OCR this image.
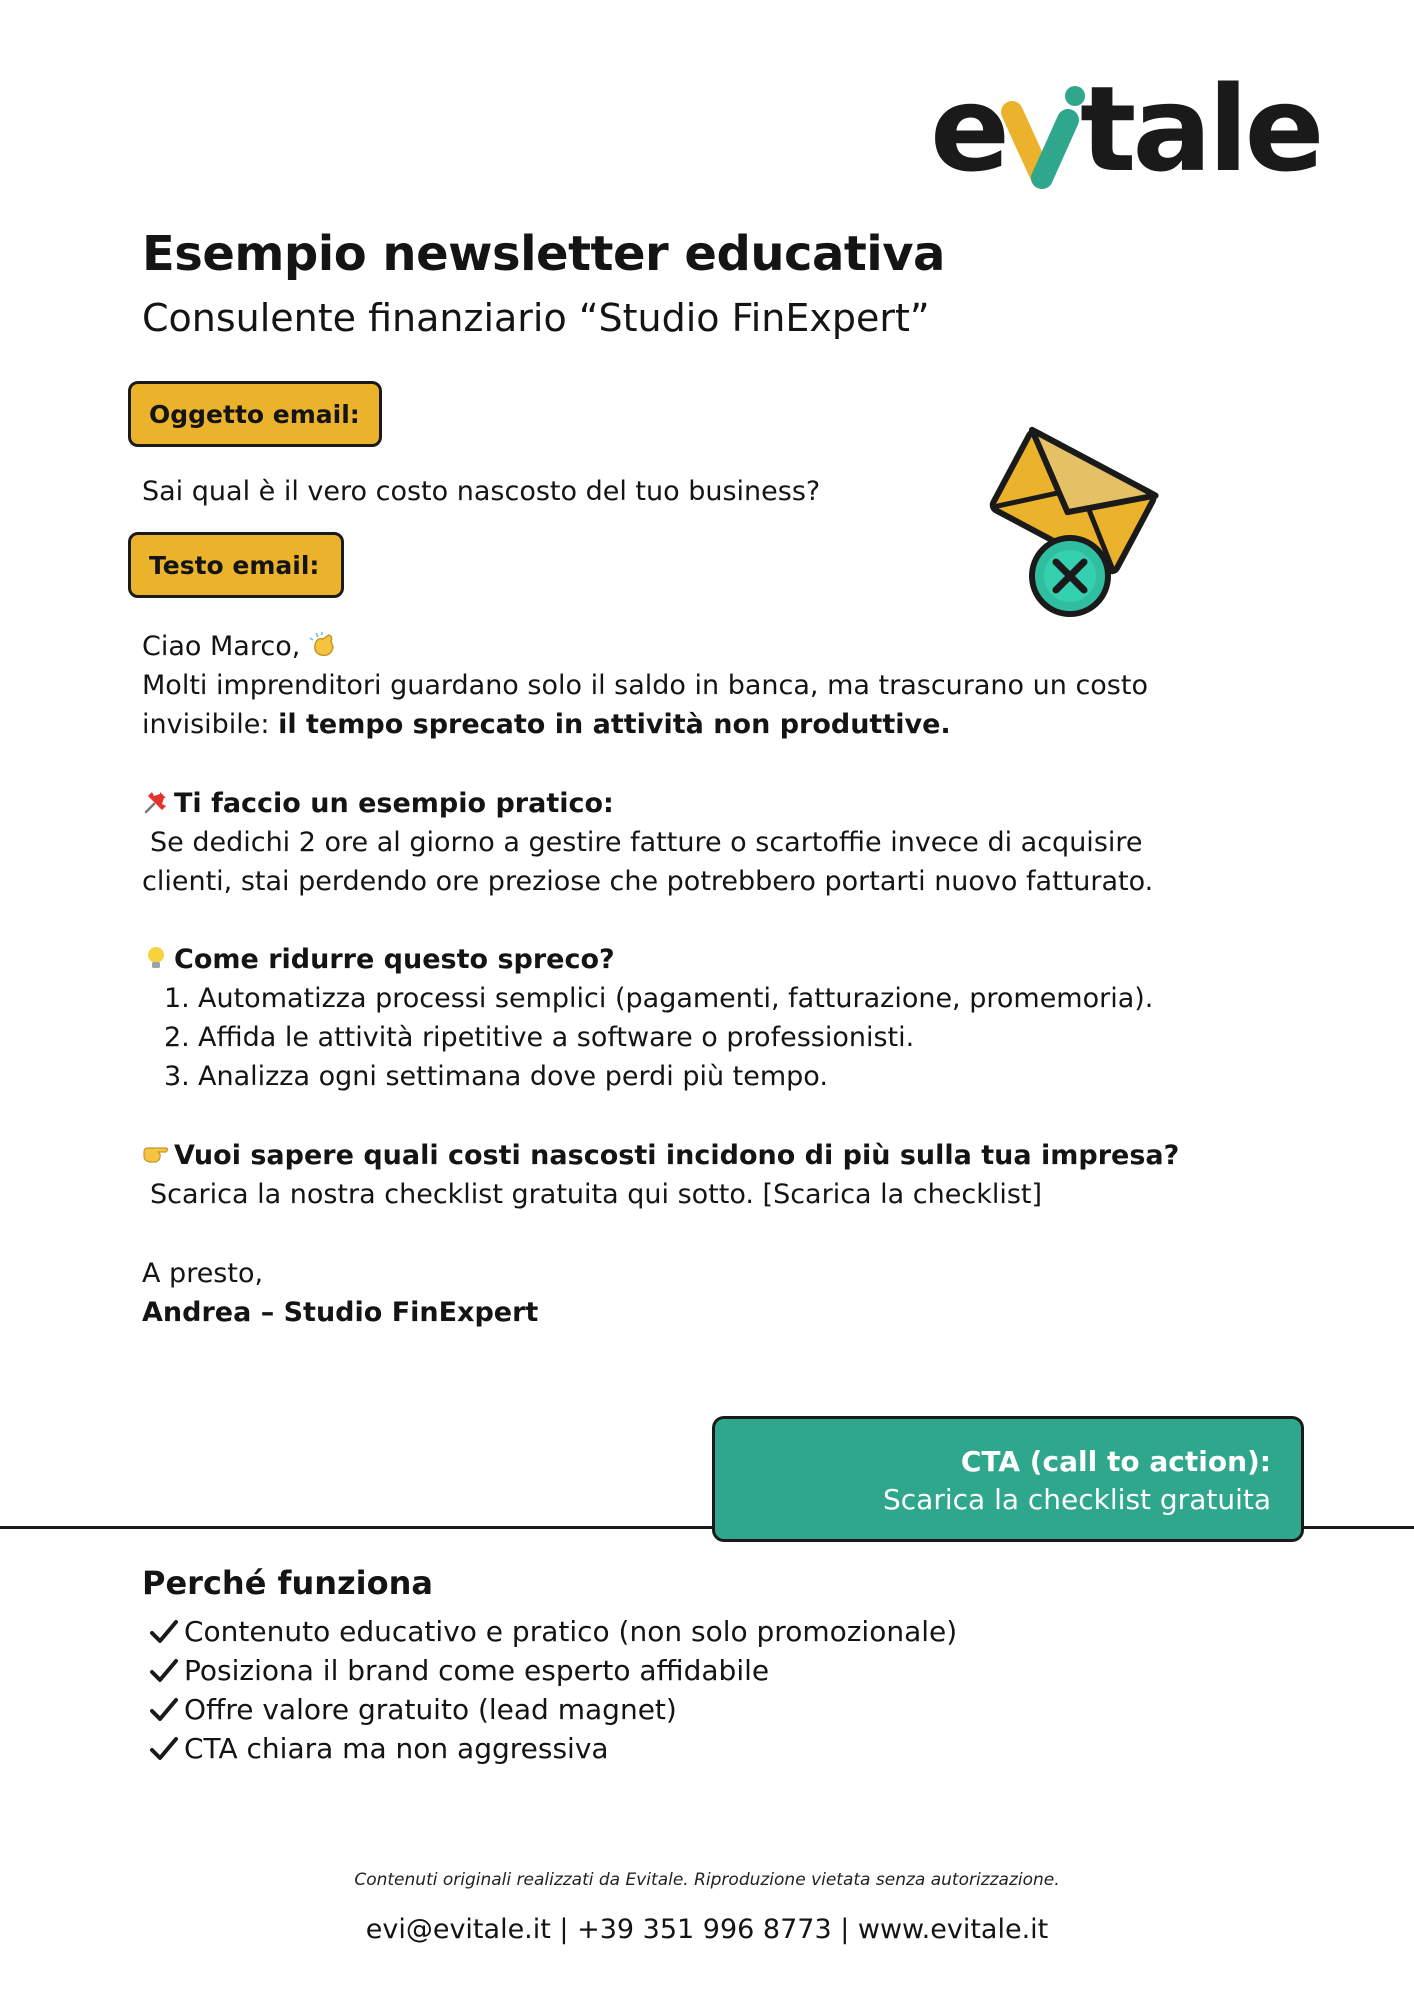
e tale
Esempio newsletter educativa
Consulente finanziario “Studio FinExpert”
Oggetto email:
Sai qual è il vero costo nascosto del tuo business?
Testo email:
Ciao Marco,
Molti imprenditori guardano solo il saldo in banca, ma trascurano un costo
invisibile: il tempo sprecato in attività non produttive.
Ti faccio un esempio pratico:
Se dedichi 2 ore al giorno a gestire fatture o scartoffie invece di acquisire
clienti, stai perdendo ore preziose che potrebbero portarti nuovo fatturato.
Come ridurre questo spreco?
1. Automatizza processi semplici (pagamenti, fatturazione, promemoria).
2. Affida le attività ripetitive a software o professionisti.
3. Analizza ogni settimana dove perdi più tempo.
Vuoi sapere quali costi nascosti incidono di più sulla tua impresa?
Scarica la nostra checklist gratuita qui sotto. [Scarica la checklist]
A presto,
Andrea – Studio FinExpert
CTA (call to action):
Scarica la checklist gratuita
Perché funziona
Contenuto educativo e pratico (non solo promozionale)
Posiziona il brand come esperto affidabile
Offre valore gratuito (lead magnet)
CTA chiara ma non aggressiva
Contenuti originali realizzati da Evitale. Riproduzione vietata senza autorizzazione.
evi@evitale.it | +39 351 996 8773 | www.evitale.it
